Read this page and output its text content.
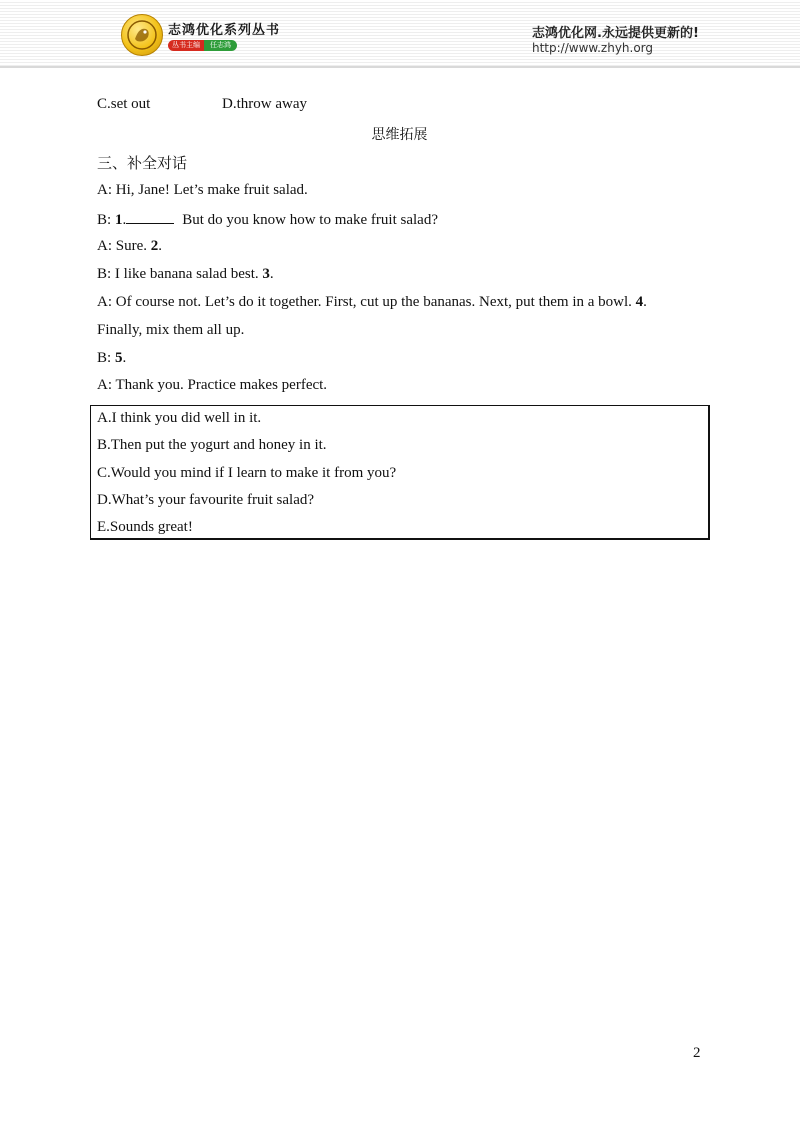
志鸿优化系列丛书
丛书主编	任志鸿
志鸿优化网.永远提供更新的!
http://www.zhyh.org
C.set out	D.throw away
思维拓展
三、补全对话
A: Hi, Jane! Let’s make fruit salad.
B: 1.	But do you know how to make fruit salad?
A: Sure. 2.
B: I like banana salad best. 3.
A: Of course not. Let’s do it together. First, cut up the bananas. Next, put them in a bowl. 4.
Finally, mix them all up.
B: 5.
A: Thank you. Practice makes perfect.
A.I think you did well in it.
B.Then put the yogurt and honey in it.
C.Would you mind if I learn to make it from you?
D.What’s your favourite fruit salad?
E.Sounds great!
2
